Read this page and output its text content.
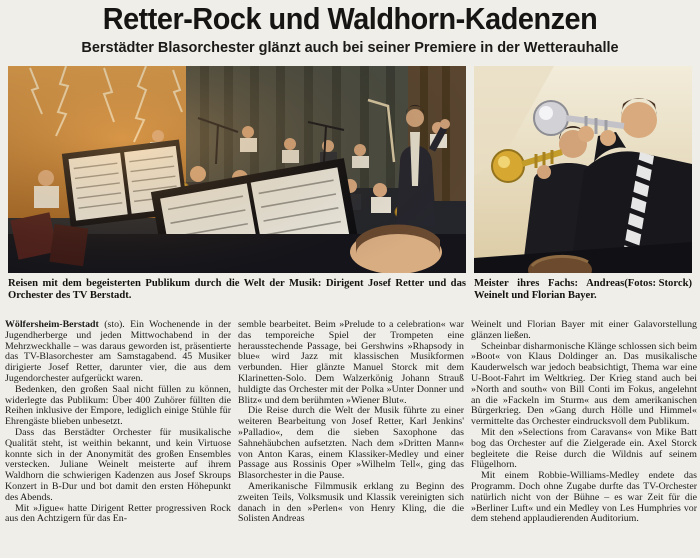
Retter-Rock und Waldhorn-Kadenzen
Berstädter Blasorchester glänzt auch bei seiner Premiere in der Wetterauhalle
Reisen mit dem begeisterten Publikum durch die Welt der Musik: Dirigent Josef Retter und das Orchester des TV Berstadt.
(Fotos: Storck)
Meister ihres Fachs: Andreas Weinelt und Florian Bayer.

Wölfersheim-Berstadt (sto). Ein Wochenende in der Jugendherberge und jeden Mittwochabend in der Mehrzweckhalle – was daraus geworden ist, präsentierte das TV-Blasorchester am Samstagabend. 45 Musiker dirigierte Josef Retter, darunter vier, die aus dem Jugendorchester aufgerückt waren.

Bedenken, den großen Saal nicht füllen zu können, widerlegte das Publikum: Über 400 Zuhörer füllten die Reihen inklusive der Empore, lediglich einige Stühle für Ehrengäste blieben unbesetzt.

Dass das Berstädter Orchester für musikalische Qualität steht, ist weithin bekannt, und kein Virtuose konnte sich in der Anonymität des großen Ensembles verstecken. Juliane Weinelt meisterte auf ihrem Waldhorn die schwierigen Kadenzen aus Josef Skroups Konzert in B-Dur und bot damit den ersten Höhepunkt des Abends.

Mit »Jigue« hatte Dirigent Retter progressiven Rock aus den Achtzigern für das En-

semble bearbeitet. Beim »Prelude to a celebration« war das temporeiche Spiel der Trompeten eine herausstechende Passage, bei Gershwins »Rhapsody in blue« wird Jazz mit klassischen Musikformen verbunden. Hier glänzte Manuel Storck mit dem Klarinetten-Solo. Dem Walzerkönig Johann Strauß huldigte das Orchester mit der Polka »Unter Donner und Blitz« und dem berühmten »Wiener Blut«.

Die Reise durch die Welt der Musik führte zu einer weiteren Bearbeitung von Josef Retter, Karl Jenkins' »Palladio«, dem die sieben Saxophone das Sahnehäubchen aufsetzten. Nach dem »Dritten Mann« von Anton Karas, einem Klassiker-Medley und einer Passage aus Rossinis Oper »Wilhelm Tell«, ging das Blasorchester in die Pause.

Amerikanische Filmmusik erklang zu Beginn des zweiten Teils, Volksmusik und Klassik vereinigten sich danach in den »Perlen« von Henry Kling, die die Solisten Andreas

Weinelt und Florian Bayer mit einer Galavorstellung glänzen ließen.

Scheinbar disharmonische Klänge schlossen sich beim »Boot« von Klaus Doldinger an. Das musikalische Kauderwelsch war jedoch beabsichtigt, Thema war eine U-Boot-Fahrt im Weltkrieg. Der Krieg stand auch bei »North and south« von Bill Conti im Fokus, angelehnt an die »Fackeln im Sturm« aus dem amerikanischen Bürgerkrieg. Den »Gang durch Hölle und Himmel« vermittelte das Orchester eindrucksvoll dem Publikum.

Mit den »Selections from Caravans« von Mike Batt bog das Orchester auf die Zielgerade ein. Axel Storck begleitete die Reise durch die Wildnis auf seinem Flügelhorn.

Mit einem Robbie-Williams-Medley endete das Programm. Doch ohne Zugabe durfte das TV-Orchester natürlich nicht von der Bühne – es war Zeit für die »Berliner Luft« und ein Medley von Les Humphries vor dem stehend applaudierenden Auditorium.
